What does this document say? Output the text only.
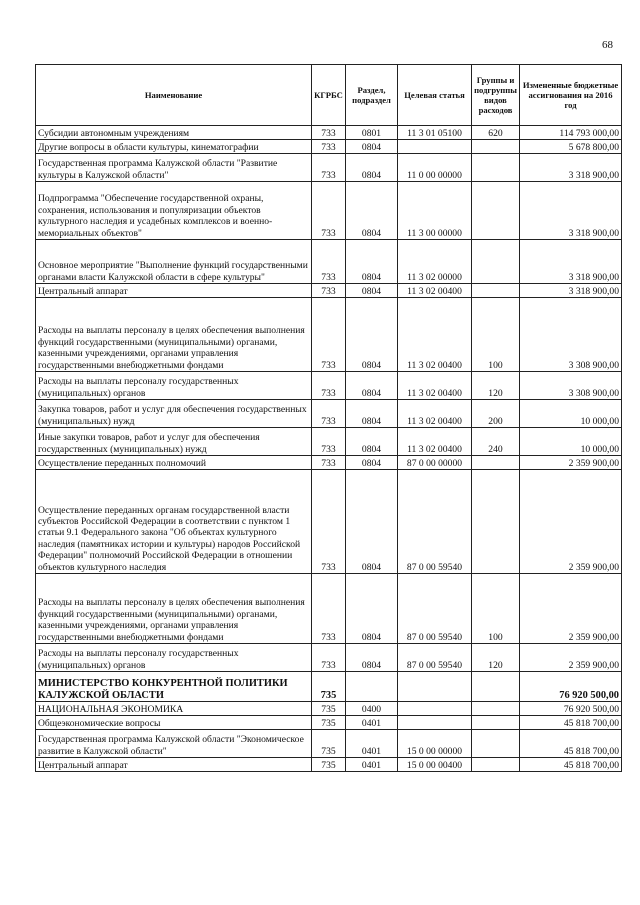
68
Наименование	КГРБС	Раздел, подраздел	Целевая статья	Группы и подгруппы видов расходов	Измененные бюджетные ассигнования на 2016 год
Субсидии автономным учреждениям	733	0801	11 3 01 05100	620	114 793 000,00
Другие вопросы в области культуры, кинематографии	733	0804			5 678 800,00
Государственная программа Калужской области "Развитие культуры в Калужской области"	733	0804	11 0 00 00000		3 318 900,00
Подпрограмма "Обеспечение государственной охраны, сохранения, использования и популяризации объектов культурного наследия и усадебных комплексов и военно-мемориальных объектов"	733	0804	11 3 00 00000		3 318 900,00
Основное мероприятие "Выполнение функций государственными органами власти Калужской области в сфере культуры"	733	0804	11 3 02 00000		3 318 900,00
Центральный аппарат	733	0804	11 3 02 00400		3 318 900,00
Расходы на выплаты персоналу в целях обеспечения выполнения функций государственными (муниципальными) органами, казенными учреждениями, органами управления государственными внебюджетными фондами	733	0804	11 3 02 00400	100	3 308 900,00
Расходы на выплаты персоналу государственных (муниципальных) органов	733	0804	11 3 02 00400	120	3 308 900,00
Закупка товаров, работ и услуг для обеспечения государственных (муниципальных) нужд	733	0804	11 3 02 00400	200	10 000,00
Иные закупки товаров, работ и услуг для обеспечения государственных (муниципальных) нужд	733	0804	11 3 02 00400	240	10 000,00
Осуществление переданных полномочий	733	0804	87 0 00 00000		2 359 900,00
Осуществление переданных органам государственной власти субъектов Российской Федерации в соответствии с пунктом 1 статьи 9.1 Федерального закона "Об объектах культурного наследия (памятниках истории и культуры) народов Российской Федерации" полномочий Российской Федерации в отношении объектов культурного наследия	733	0804	87 0 00 59540		2 359 900,00
Расходы на выплаты персоналу в целях обеспечения выполнения функций государственными (муниципальными) органами, казенными учреждениями, органами управления государственными внебюджетными фондами	733	0804	87 0 00 59540	100	2 359 900,00
Расходы на выплаты персоналу государственных (муниципальных) органов	733	0804	87 0 00 59540	120	2 359 900,00
МИНИСТЕРСТВО КОНКУРЕНТНОЙ ПОЛИТИКИ КАЛУЖСКОЙ ОБЛАСТИ	735				76 920 500,00
НАЦИОНАЛЬНАЯ ЭКОНОМИКА	735	0400			76 920 500,00
Общеэкономические вопросы	735	0401			45 818 700,00
Государственная программа Калужской области "Экономическое развитие в Калужской области"	735	0401	15 0 00 00000		45 818 700,00
Центральный аппарат	735	0401	15 0 00 00400		45 818 700,00
